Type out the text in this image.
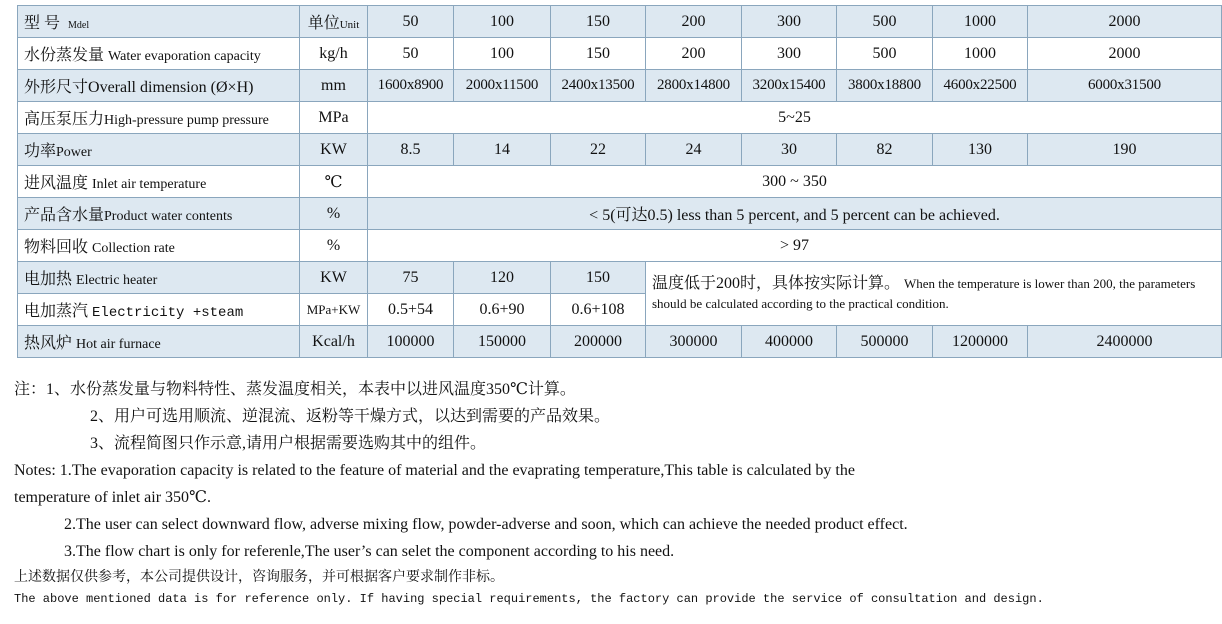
型 号 Mdel	单位Unit	50	100	150	200	300	500	1000	2000
水份蒸发量 Water evaporation capacity	kg/h	50	100	150	200	300	500	1000	2000
外形尺寸Overall dimension (Ø×H)	mm	1600x8900	2000x11500	2400x13500	2800x14800	3200x15400	3800x18800	4600x22500	6000x31500
高压泵压力High-pressure pump pressure	MPa	5~25							
功率Power	KW	8.5	14	22	24	30	82	130	190
进风温度 Inlet air temperature	℃	300 ~ 350							
产品含水量Product water contents	%	< 5(可达0.5) less than 5 percent, and 5 percent can be achieved.							
物料回收 Collection rate	%	> 97							
电加热 Electric heater	KW	75	120	150	温度低于200时，具体按实际计算。 When the temperature is lower than 200, the parameters should be calculated according to the practical condition.				
电加蒸汽 Electricity +steam	MPa+KW	0.5+54	0.6+90	0.6+108					
热风炉 Hot air furnace	Kcal/h	100000	150000	200000	300000	400000	500000	1200000	2400000
注：1、水份蒸发量与物料特性、蒸发温度相关，本表中以进风温度350℃计算。
2、用户可选用顺流、逆混流、返粉等干燥方式，以达到需要的产品效果。
3、流程简图只作示意,请用户根据需要选购其中的组件。
Notes: 1.The evaporation capacity is related to the feature of material and the evaprating temperature,This table is calculated by the
temperature of inlet air 350℃.
2.The user can select downward flow, adverse mixing flow, powder-adverse and soon, which can achieve the needed product effect.
3.The flow chart is only for referenle,The user’s can selet the component according to his need.
上述数据仅供参考，本公司提供设计，咨询服务，并可根据客户要求制作非标。
The above mentioned data is for reference only. If having special requirements, the factory can provide the service of consultation and design.
